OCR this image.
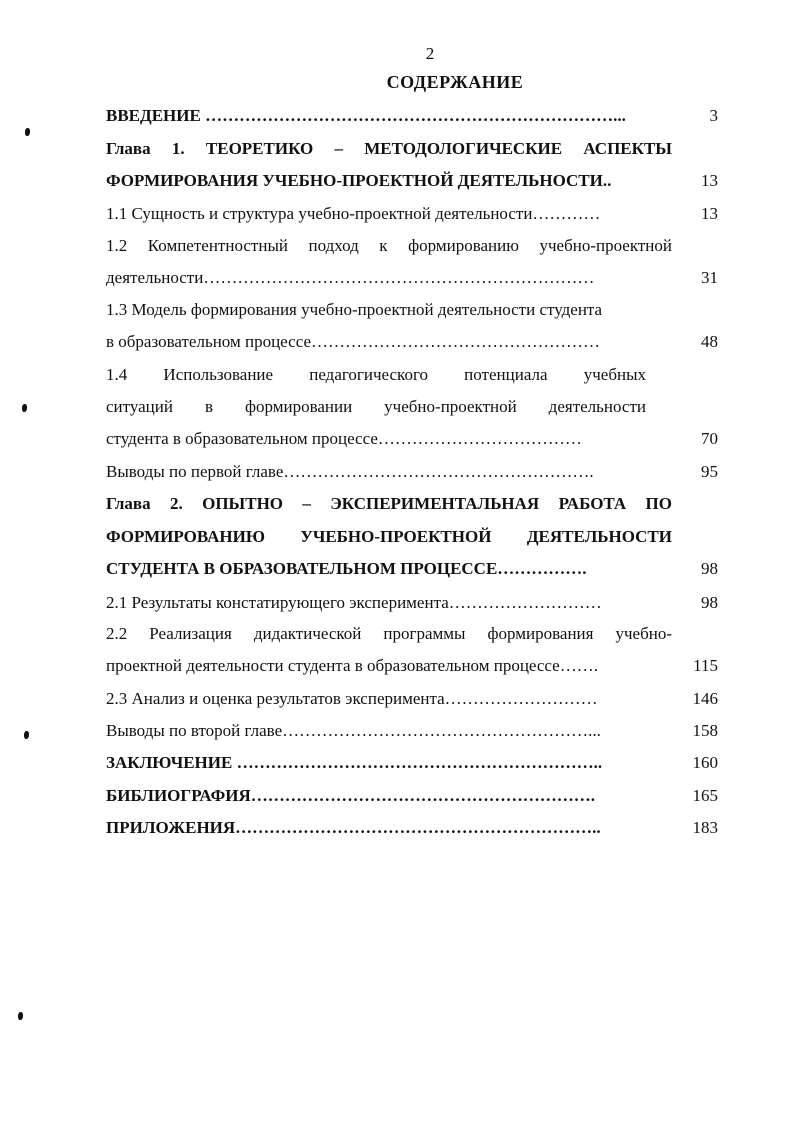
2
СОДЕРЖАНИЕ
ВВЕДЕНИЕ ………………………………………………………………...	3
Глава 1. ТЕОРЕТИКО – МЕТОДОЛОГИЧЕСКИЕ АСПЕКТЫ
ФОРМИРОВАНИЯ УЧЕБНО-ПРОЕКТНОЙ ДЕЯТЕЛЬНОСТИ..	13
1.1 Сущность и структура учебно-проектной деятельности…………	13
1.2 Компетентностный подход к формированию учебно-проектной
деятельности……………………………………………………………	31
1.3 Модель формирования учебно-проектной деятельности студента
в образовательном процессе……………………………………………	48
1.4 Использование педагогического потенциала учебных
ситуаций в формировании учебно-проектной деятельности
студента в образовательном процессе………………………………	70
Выводы по первой главе……………………………………………….	95
Глава 2. ОПЫТНО – ЭКСПЕРИМЕНТАЛЬНАЯ РАБОТА ПО
ФОРМИРОВАНИЮ УЧЕБНО-ПРОЕКТНОЙ ДЕЯТЕЛЬНОСТИ
СТУДЕНТА В ОБРАЗОВАТЕЛЬНОМ ПРОЦЕССЕ…………….	98
2.1 Результаты констатирующего эксперимента………………………	98
2.2 Реализация дидактической программы формирования учебно-
проектной деятельности студента в образовательном процессе…….	115
2.3 Анализ и оценка результатов эксперимента………………………	146
Выводы по второй главе………………………………………………...	158
ЗАКЛЮЧЕНИЕ ………………………………………………………..	160
БИБЛИОГРАФИЯ…………………………………………………….	165
ПРИЛОЖЕНИЯ………………………………………………………..	183
